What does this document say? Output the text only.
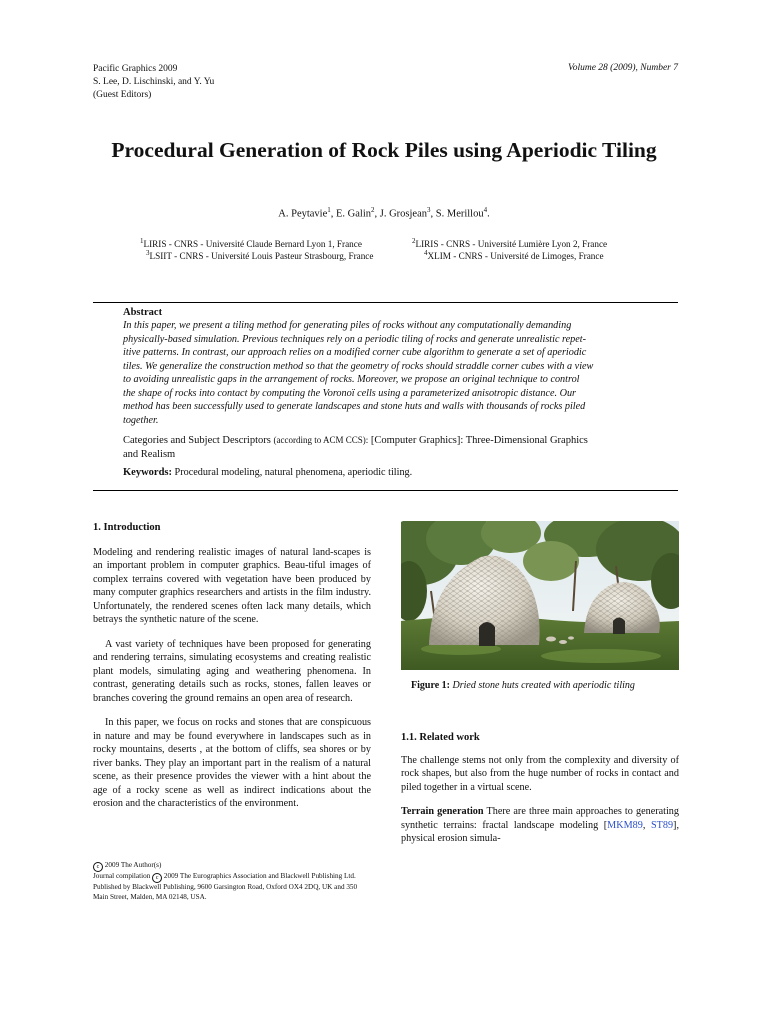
Pacific Graphics 2009
S. Lee, D. Lischinski, and Y. Yu
(Guest Editors)
Volume 28 (2009), Number 7
Procedural Generation of Rock Piles using Aperiodic Tiling
A. Peytavie$^1$, E. Galin$^2$, J. Grosjean$^3$, S. Merillou$^4$.
$^1$LIRIS - CNRS - Université Claude Bernard Lyon 1, France	$^2$LIRIS - CNRS - Université Lumière Lyon 2, France
$^3$LSIIT - CNRS - Université Louis Pasteur Strasbourg, France	$^4$XLIM - CNRS - Université de Limoges, France
Abstract
In this paper, we present a tiling method for generating piles of rocks without any computationally demanding
physically-based simulation. Previous techniques rely on a periodic tiling of rocks and generate unrealistic repet-
itive patterns. In contrast, our approach relies on a modified corner cube algorithm to generate a set of aperiodic
tiles. We generalize the construction method so that the geometry of rocks should straddle corner cubes with a view
to avoiding unrealistic gaps in the arrangement of rocks. Moreover, we propose an original technique to control
the shape of rocks into contact by computing the Voronoï cells using a parameterized anisotropic distance. Our
method has been successfully used to generate landscapes and stone huts and walls with thousands of rocks piled
together.
Categories and Subject Descriptors (according to ACM CCS): [Computer Graphics]: Three-Dimensional Graphics
and Realism
Keywords: Procedural modeling, natural phenomena, aperiodic tiling.
1. Introduction

Modeling and rendering realistic images of natural land-scapes is an important problem in computer graphics. Beau-tiful images of complex terrains covered with vegetation have been produced by many computer graphics researchers and artists in the film industry. Unfortunately, the rendered scenes often lack many details, which betrays the synthetic nature of the scene.

A vast variety of techniques have been proposed for generating and rendering terrains, simulating ecosystems and creating realistic plant models, simulating aging and weathering phenomena. In contrast, generating details such as rocks, stones, fallen leaves or branches covering the ground remains an open area of research.

In this paper, we focus on rocks and stones that are conspicuous in nature and may be found everywhere in landscapes such as in rocky mountains, deserts , at the bottom of cliffs, sea shores or by river banks. They play an important part in the realism of a natural scene, as their presence provides the viewer with a hint about the age of a rocky scene as well as indirect indications about the erosion and the characteristics of the environment.

Figure 1: Dried stone huts created with aperiodic tiling
1.1. Related work

The challenge stems not only from the complexity and diversity of rock shapes, but also from the huge number of rocks in contact and piled together in a virtual scene.

Terrain generation There are three main approaches to generating synthetic terrains: fractal landscape modeling [MKM89, ST89], physical erosion simula-

c 2009 The Author(s)
Journal compilation c 2009 The Eurographics Association and Blackwell Publishing Ltd.
Published by Blackwell Publishing, 9600 Garsington Road, Oxford OX4 2DQ, UK and 350
Main Street, Malden, MA 02148, USA.
